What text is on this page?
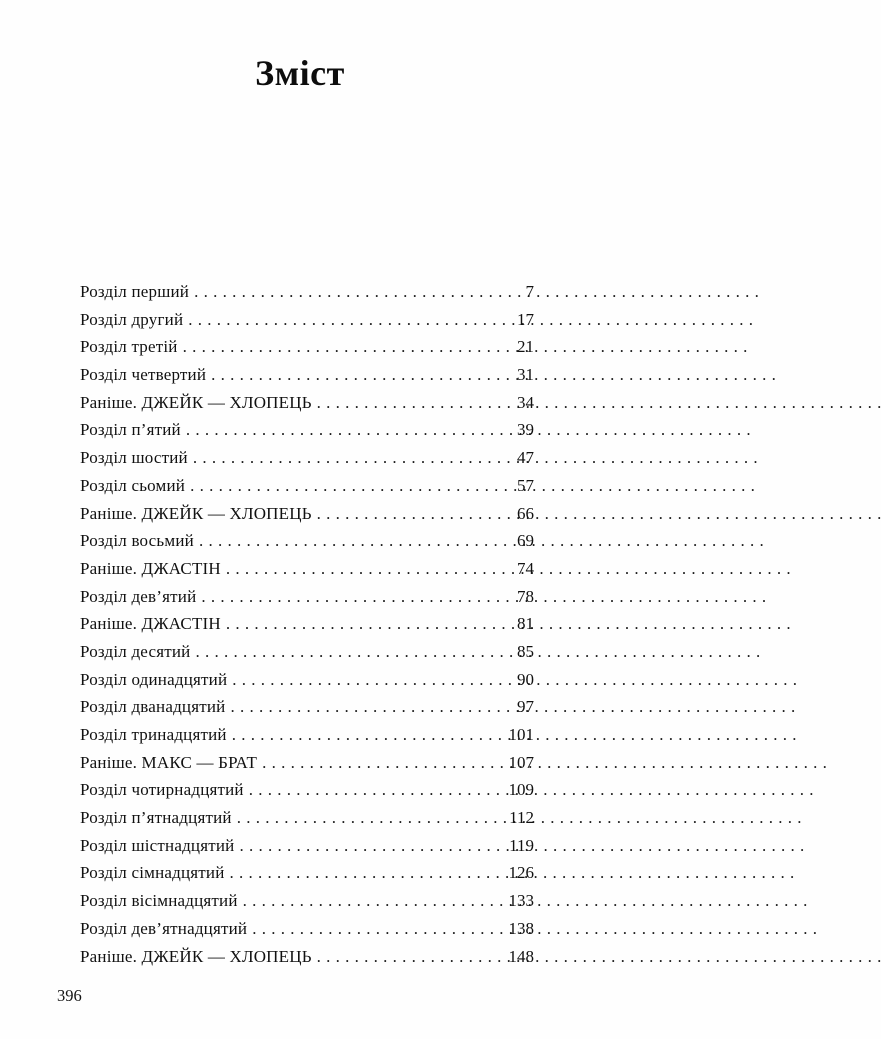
Зміст
Розділ перший . . .	7
Розділ другий . . .	17
Розділ третій . . .	21
Розділ четвертий . . .	31
Раніше. ДЖЕЙК — ХЛОПЕЦЬ . . .	34
Розділ п’ятий . . .	39
Розділ шостий . . .	47
Розділ сьомий . . .	57
Раніше. ДЖЕЙК — ХЛОПЕЦЬ . . .	66
Розділ восьмий . . .	69
Раніше. ДЖАСТІН . . .	74
Розділ дев’ятий . . .	78
Раніше. ДЖАСТІН . . .	81
Розділ десятий . . .	85
Розділ одинадцятий . . .	90
Розділ дванадцятий . . .	97
Розділ тринадцятий . . .	101
Раніше. МАКС — БРАТ . . .	107
Розділ чотирнадцятий . . .	109
Розділ п’ятнадцятий . . .	112
Розділ шістнадцятий . . .	119
Розділ сімнадцятий . . .	126
Розділ вісімнадцятий . . .	133
Розділ дев’ятнадцятий . . .	138
Раніше. ДЖЕЙК — ХЛОПЕЦЬ . . .	148
396
